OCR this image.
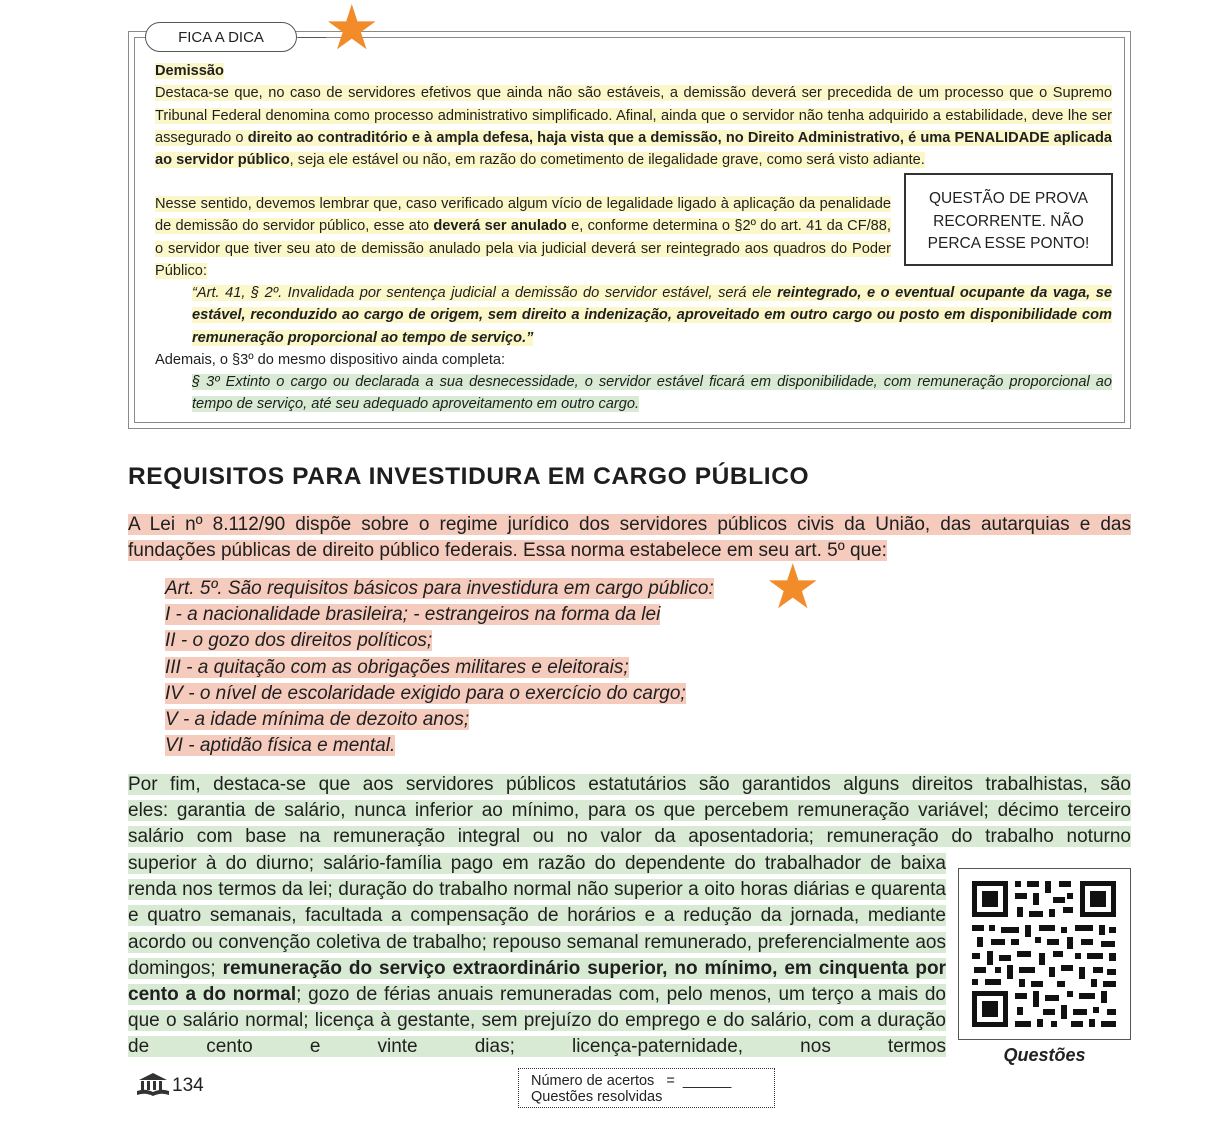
FICA A DICA ★

Demissão

Destaca-se que, no caso de servidores efetivos que ainda não são estáveis, a demissão deverá ser precedida de um processo que o Supremo Tribunal Federal denomina como processo administrativo simplificado. Afinal, ainda que o servidor não tenha adquirido a estabilidade, deve lhe ser assegurado o direito ao contraditório e à ampla defesa, haja vista que a demissão, no Direito Administrativo, é uma PENALIDADE aplicada ao servidor público, seja ele estável ou não, em razão do cometimento de ilegalidade grave, como será visto adiante.

Nesse sentido, devemos lembrar que, caso verificado algum vício de legalidade ligado à aplicação da penalidade de demissão do servidor público, esse ato deverá ser anulado e, conforme determina o §2º do art. 41 da CF/88, o servidor que tiver seu ato de demissão anulado pela via judicial deverá ser reintegrado aos quadros do Poder Público:

QUESTÃO DE PROVA
RECORRENTE. NÃO
PERCA ESSE PONTO!

“Art. 41, § 2º. Invalidada por sentença judicial a demissão do servidor estável, será ele reintegrado, e o eventual ocupante da vaga, se estável, reconduzido ao cargo de origem, sem direito a indenização, aproveitado em outro cargo ou posto em disponibilidade com remuneração proporcional ao tempo de serviço.”

Ademais, o §3º do mesmo dispositivo ainda completa:

§ 3º Extinto o cargo ou declarada a sua desnecessidade, o servidor estável ficará em disponibilidade, com remuneração proporcional ao tempo de serviço, até seu adequado aproveitamento em outro cargo.

REQUISITOS PARA INVESTIDURA EM CARGO PÚBLICO

A Lei nº 8.112/90 dispõe sobre o regime jurídico dos servidores públicos civis da União, das autarquias e das fundações públicas de direito público federais. Essa norma estabelece em seu art. 5º que:

Art. 5º. São requisitos básicos para investidura em cargo público:
I - a nacionalidade brasileira; - estrangeiros na forma da lei
II - o gozo dos direitos políticos;
III - a quitação com as obrigações militares e eleitorais;
IV - o nível de escolaridade exigido para o exercício do cargo;
V - a idade mínima de dezoito anos;
VI - aptidão física e mental.
★

Por fim, destaca-se que aos servidores públicos estatutários são garantidos alguns direitos trabalhistas, são

eles: garantia de salário, nunca inferior ao mínimo, para os que percebem remuneração variável; décimo terceiro

salário com base na remuneração integral ou no valor da aposentadoria; remuneração do trabalho noturno

superior à do diurno; salário-família pago em razão do dependente do trabalhador de baixa renda nos termos da lei; duração do trabalho normal não superior a oito horas diárias e quarenta e quatro semanais, facultada a compensação de horários e a redução da jornada, mediante acordo ou convenção coletiva de trabalho; repouso semanal remunerado, preferencialmente aos domingos; remuneração do serviço extraordinário superior, no mínimo, em cinquenta por cento a do normal; gozo de férias anuais remuneradas com, pelo menos, um terço a mais do que o salário normal; licença à gestante, sem prejuízo do emprego e do salário, com a duração de cento e vinte dias; licença-paternidade, nos termos	Questões
134	Número de acertos   =  ______
Questões resolvidas
